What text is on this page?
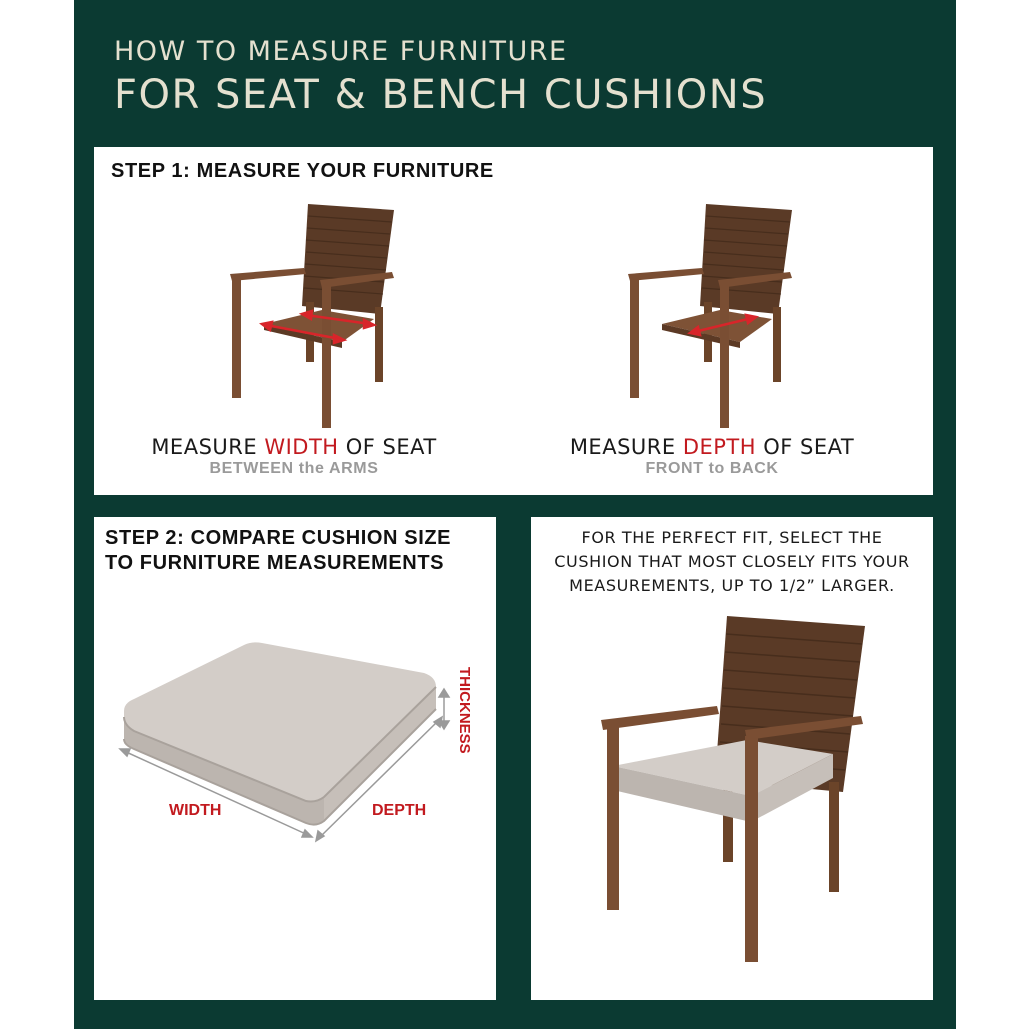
HOW TO MEASURE FURNITURE
FOR SEAT & BENCH CUSHIONS
STEP 1: MEASURE YOUR FURNITURE
MEASURE WIDTH OF SEAT
BETWEEN the ARMS
MEASURE DEPTH OF SEAT
FRONT to BACK
STEP 2: COMPARE CUSHION SIZE
TO FURNITURE MEASUREMENTS
WIDTH	DEPTH
THICKNESS
FOR THE PERFECT FIT, SELECT THE
CUSHION THAT MOST CLOSELY FITS YOUR
MEASUREMENTS, UP TO 1/2” LARGER.
